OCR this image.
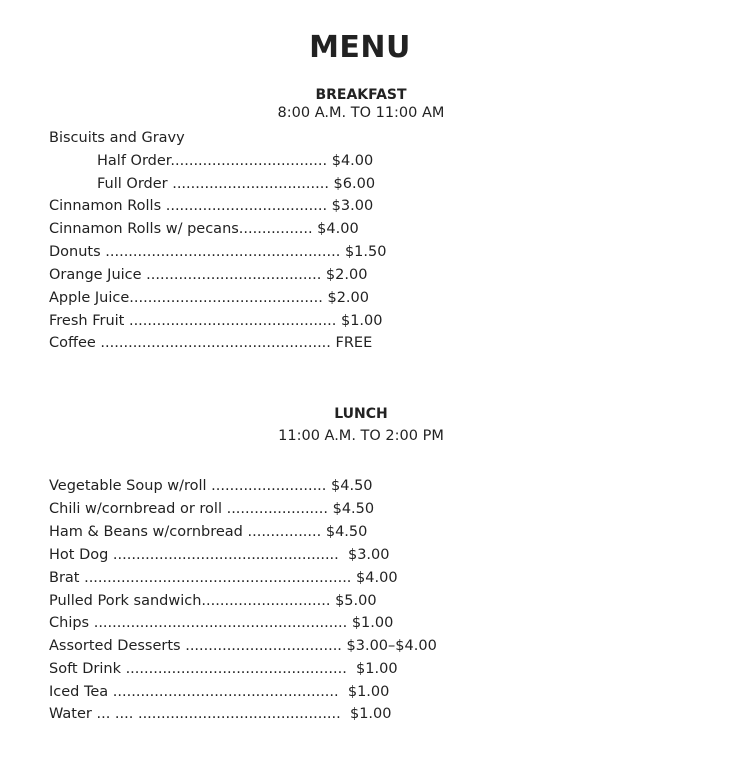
MENU
BREAKFAST
8:00 A.M. TO 11:00 AM
Biscuits and Gravy
Half Order.................................. $4.00
Full Order .................................. $6.00
Cinnamon Rolls ................................... $3.00
Cinnamon Rolls w/ pecans................ $4.00
Donuts ................................................... $1.50
Orange Juice ...................................... $2.00
Apple Juice.......................................... $2.00
Fresh Fruit ............................................. $1.00
Coffee .................................................. FREE
LUNCH
11:00 A.M. TO 2:00 PM
Vegetable Soup w/roll ......................... $4.50
Chili w/cornbread or roll ...................... $4.50
Ham & Beans w/cornbread ................ $4.50
Hot Dog .................................................  $3.00
Brat .......................................................... $4.00
Pulled Pork sandwich............................ $5.00
Chips ....................................................... $1.00
Assorted Desserts .................................. $3.00–$4.00
Soft Drink ................................................  $1.00
Iced Tea .................................................  $1.00
Water ... .... ............................................  $1.00
